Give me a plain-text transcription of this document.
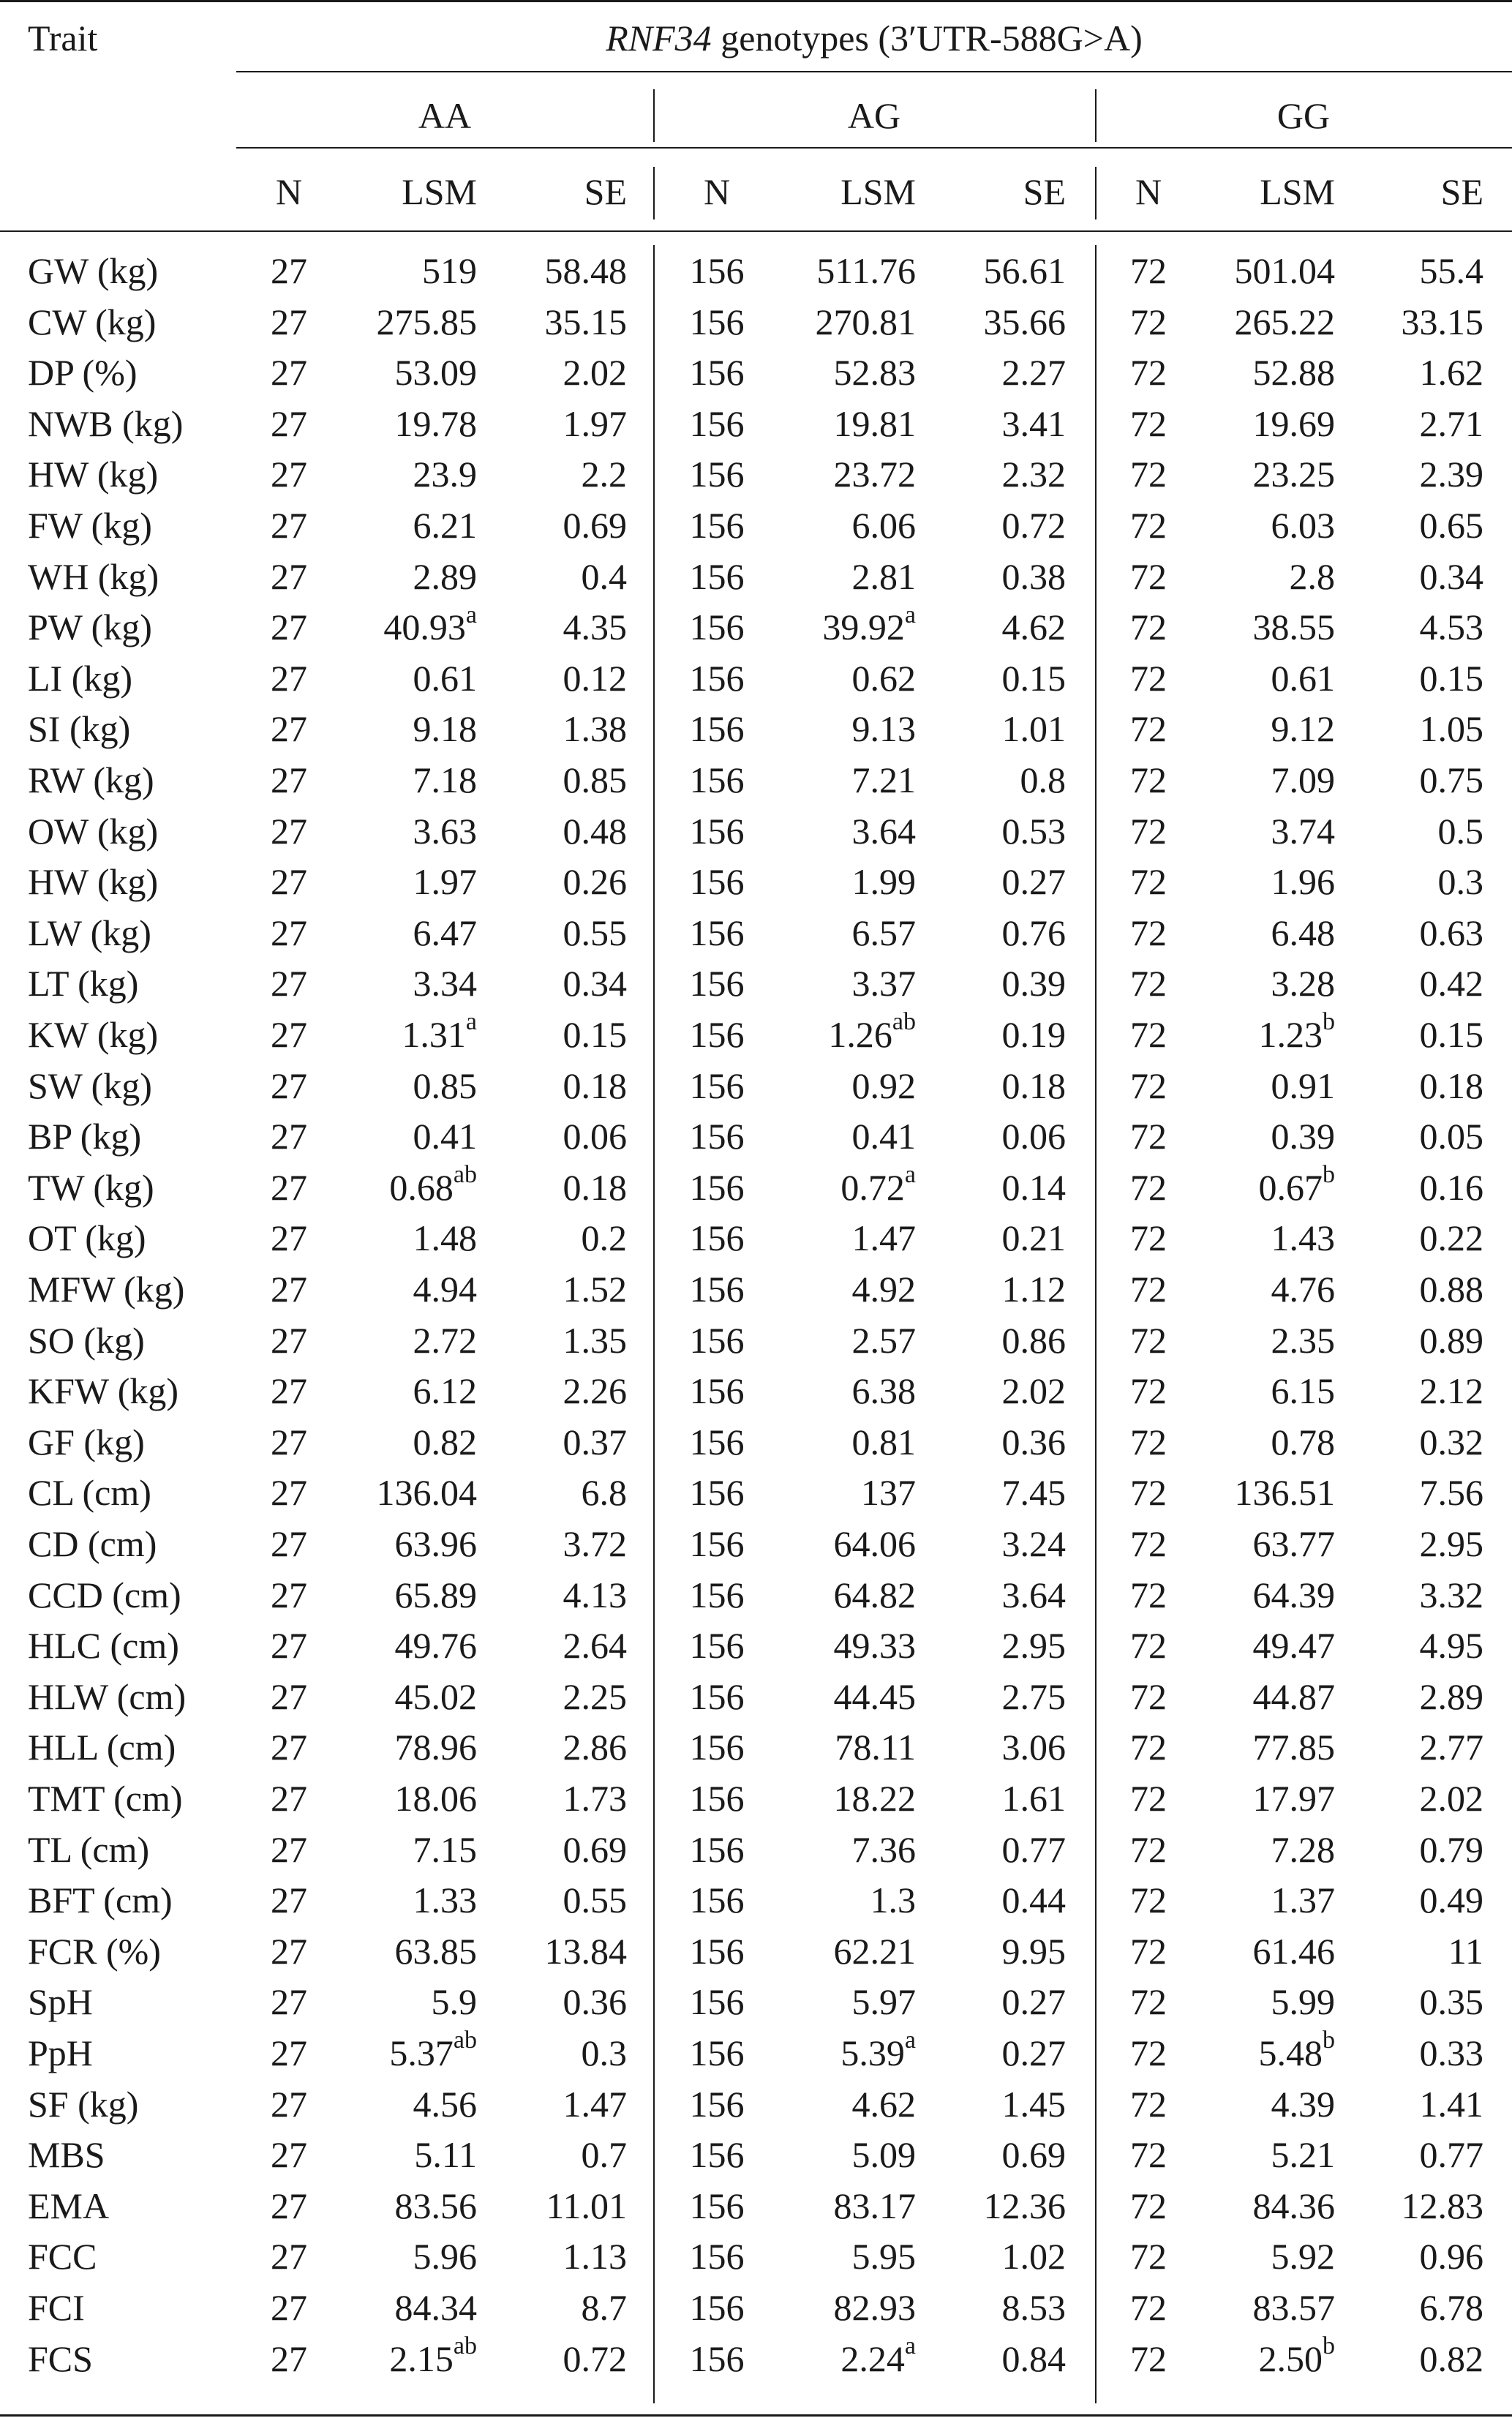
Trait	RNF34 genotypes (3′UTR-588G>A)
AA	AG	GG
N	LSM	SE	N	LSM	SE	N	LSM	SE
GW (kg)	27	519 58.48	156	511.76 56.61	72	501.04 55.4
CW (kg)	27	275.85 35.15	156	270.81 35.66	72	265.22 33.15
DP (%)	27	53.09 2.02	156	52.83 2.27	72	52.88 1.62
NWB (kg)	27	19.78 1.97	156	19.81 3.41	72	19.69 2.71
HW (kg)	27	23.9	2.2	156	23.72 2.32	72	23.25 2.39
FW (kg)	27	6.21 0.69	156	6.06 0.72	72	6.03 0.65
WH (kg)	27	2.89	0.4	156	2.81 0.38	72	2.8 0.34
PW (kg)	27	40.93$^a$ 4.35	156	39.92$^a$ 4.62	72	38.55 4.53
LI (kg)	27	0.61 0.12	156	0.62 0.15	72	0.61 0.15
SI (kg)	27	9.18 1.38	156	9.13 1.01	72	9.12 1.05
RW (kg)	27	7.18 0.85	156	7.21	0.8	72	7.09 0.75
OW (kg)	27	3.63 0.48	156	3.64 0.53	72	3.74	0.5
HW (kg)	27	1.97 0.26	156	1.99 0.27	72	1.96	0.3
LW (kg)	27	6.47 0.55	156	6.57 0.76	72	6.48 0.63
LT (kg)	27	3.34 0.34	156	3.37 0.39	72	3.28 0.42
KW (kg)	27	1.31$^a$ 0.15	156	1.26$^{ab}$ 0.19	72	1.23$^b$ 0.15
SW (kg)	27	0.85 0.18	156	0.92 0.18	72	0.91 0.18
BP (kg)	27	0.41 0.06	156	0.41 0.06	72	0.39 0.05
TW (kg)	27	0.68$^{ab}$ 0.18	156	0.72$^a$ 0.14	72	0.67$^b$ 0.16
OT (kg)	27	1.48	0.2	156	1.47 0.21	72	1.43 0.22
MFW (kg)	27	4.94 1.52	156	4.92 1.12	72	4.76 0.88
SO (kg)	27	2.72 1.35	156	2.57 0.86	72	2.35 0.89
KFW (kg)	27	6.12 2.26	156	6.38 2.02	72	6.15 2.12
GF (kg)	27	0.82 0.37	156	0.81 0.36	72	0.78 0.32
CL (cm)	27	136.04	6.8	156	137 7.45	72	136.51 7.56
CD (cm)	27	63.96 3.72	156	64.06 3.24	72	63.77 2.95
CCD (cm)	27	65.89 4.13	156	64.82 3.64	72	64.39 3.32
HLC (cm)	27	49.76 2.64	156	49.33 2.95	72	49.47 4.95
HLW (cm)	27	45.02 2.25	156	44.45 2.75	72	44.87 2.89
HLL (cm)	27	78.96 2.86	156	78.11 3.06	72	77.85 2.77
TMT (cm)	27	18.06 1.73	156	18.22 1.61	72	17.97 2.02
TL (cm)	27	7.15 0.69	156	7.36 0.77	72	7.28 0.79
BFT (cm)	27	1.33 0.55	156	1.3 0.44	72	1.37 0.49
FCR (%)	27	63.85 13.84	156	62.21 9.95	72	61.46	11
SpH	27	5.9 0.36	156	5.97 0.27	72	5.99 0.35
PpH	27	5.37$^{ab}$	0.3	156	5.39$^a$ 0.27	72	5.48$^b$ 0.33
SF (kg)	27	4.56 1.47	156	4.62 1.45	72	4.39 1.41
MBS	27	5.11	0.7	156	5.09 0.69	72	5.21 0.77
EMA	27	83.56 11.01	156	83.17 12.36	72	84.36 12.83
FCC	27	5.96 1.13	156	5.95 1.02	72	5.92 0.96
FCI	27	84.34	8.7	156	82.93 8.53	72	83.57 6.78
FCS	27	2.15$^{ab}$ 0.72	156	2.24$^a$ 0.84	72	2.50$^b$ 0.82
